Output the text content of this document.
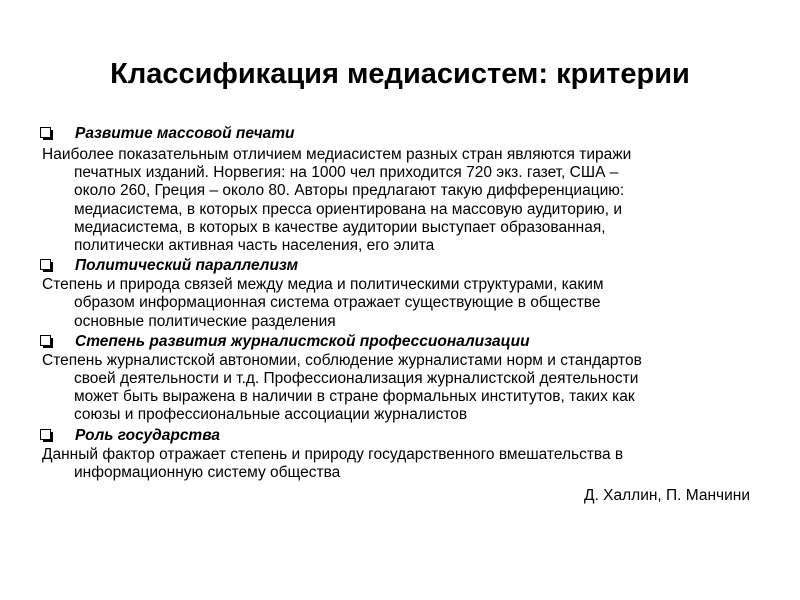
Классификация медиасистем: критерии
Развитие массовой печати

Наиболее показательным отличием медиасистем разных стран являются тиражи
печатных изданий. Норвегия: на 1000 чел приходится 720 экз. газет, США –
около 260, Греция – около 80. Авторы предлагают такую дифференциацию:
медиасистема, в которых пресса ориентирована на массовую аудиторию, и
медиасистема, в которых в качестве аудитории выступает образованная,
политически активная часть населения, его элита

Политический параллелизм

Степень и природа связей между медиа и политическими структурами, каким
образом информационная система отражает существующие в обществе
основные политические разделения

Степень развития журналистской профессионализации

Степень журналистской автономии, соблюдение журналистами норм и стандартов
своей деятельности и т.д. Профессионализация журналистской деятельности
может быть выражена в наличии в стране формальных институтов, таких как
союзы и профессиональные ассоциации журналистов

Роль государства

Данный фактор отражает степень и природу государственного вмешательства в
информационную систему общества

Д. Халлин, П. Манчини
